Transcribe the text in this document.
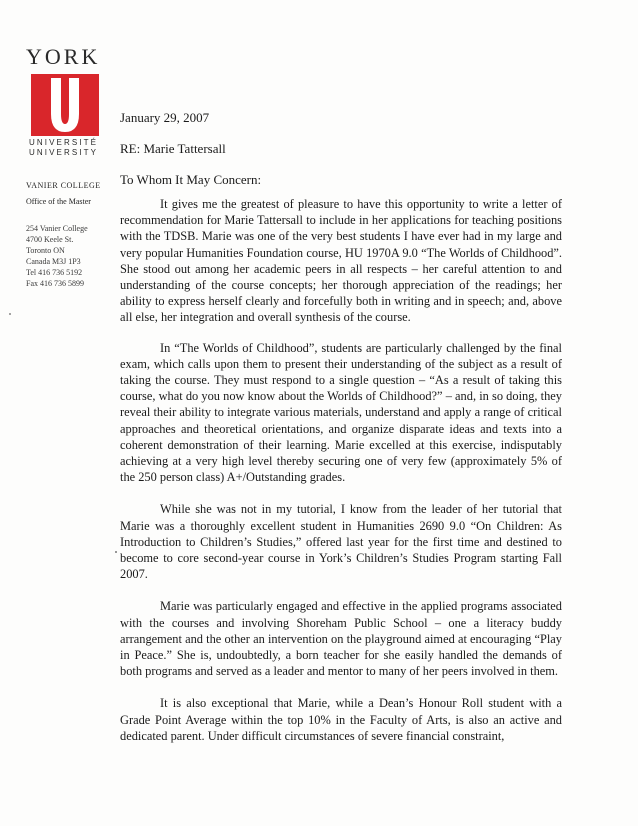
YORK
UNIVERSITÉ
UNIVERSITY
VANIER COLLEGE
Office of the Master
254 Vanier College
4700 Keele St.
Toronto ON
Canada M3J 1P3
Tel 416 736 5192
Fax 416 736 5899
January 29, 2007
RE: Marie Tattersall
To Whom It May Concern:

It gives me the greatest of pleasure to have this opportunity to write a letter of recommendation for Marie Tattersall to include in her applications for teaching positions with the TDSB. Marie was one of the very best students I have ever had in my large and very popular Humanities Foundation course, HU 1970A 9.0 “The Worlds of Childhood”. She stood out among her academic peers in all respects – her careful attention to and understanding of the course concepts; her thorough appreciation of the readings; her ability to express herself clearly and forcefully both in writing and in speech; and, above all else, her integration and overall synthesis of the course.

In “The Worlds of Childhood”, students are particularly challenged by the final exam, which calls upon them to present their understanding of the subject as a result of taking the course. They must respond to a single question – “As a result of taking this course, what do you now know about the Worlds of Childhood?” – and, in so doing, they reveal their ability to integrate various materials, understand and apply a range of critical approaches and theoretical orientations, and organize disparate ideas and texts into a coherent demonstration of their learning. Marie excelled at this exercise, indisputably achieving at a very high level thereby securing one of very few (approximately 5% of the 250 person class) A+/Outstanding grades.

While she was not in my tutorial, I know from the leader of her tutorial that Marie was a thoroughly excellent student in Humanities 2690 9.0 “On Children: As Introduction to Children’s Studies,” offered last year for the first time and destined to become to core second-year course in York’s Children’s Studies Program starting Fall 2007.

Marie was particularly engaged and effective in the applied programs associated with the courses and involving Shoreham Public School – one a literacy buddy arrangement and the other an intervention on the playground aimed at encouraging “Play in Peace.” She is, undoubtedly, a born teacher for she easily handled the demands of both programs and served as a leader and mentor to many of her peers involved in them.

It is also exceptional that Marie, while a Dean’s Honour Roll student with a Grade Point Average within the top 10% in the Faculty of Arts, is also an active and dedicated parent. Under difficult circumstances of severe financial constraint,
